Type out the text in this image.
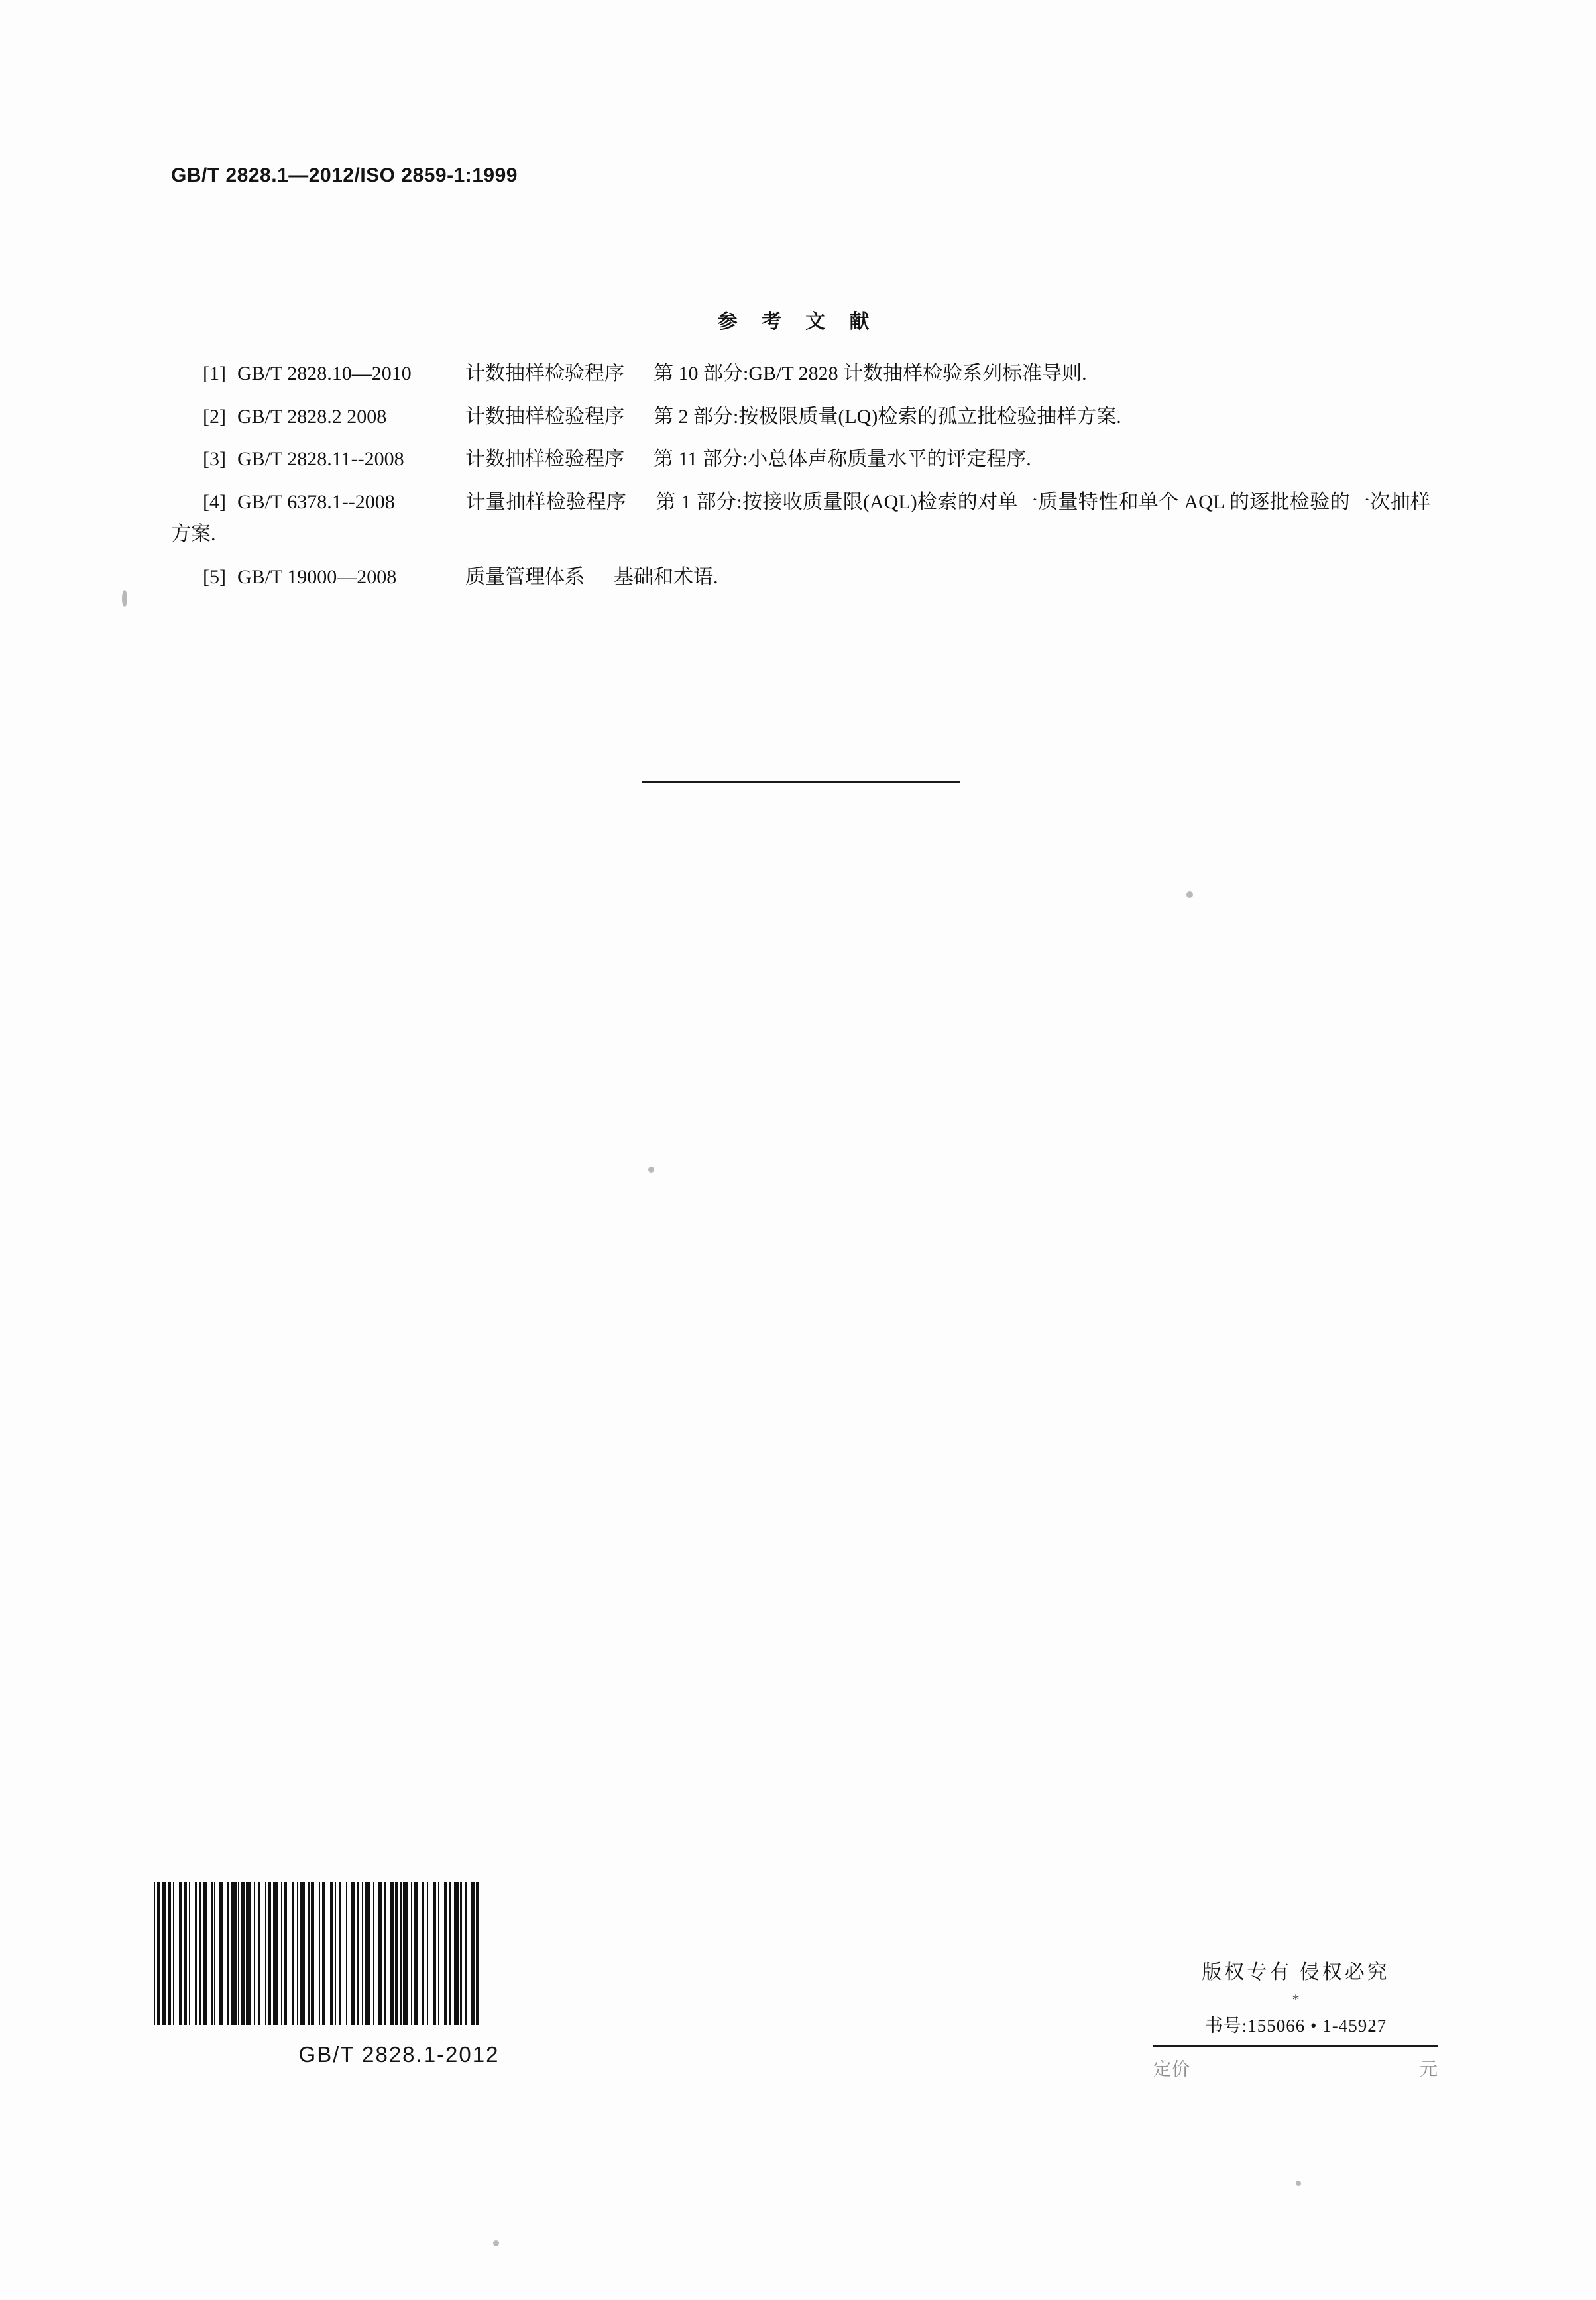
GB/T 2828.1—2012/ISO 2859-1:1999
参 考 文 献
[1] GB/T 2828.10—2010	计数抽样检验程序 第 10 部分:GB/T 2828 计数抽样检验系列标准导则.
[2] GB/T 2828.2 2008	计数抽样检验程序 第 2 部分:按极限质量(LQ)检索的孤立批检验抽样方案.
[3] GB/T 2828.11--2008	计数抽样检验程序 第 11 部分:小总体声称质量水平的评定程序.
[4] GB/T 6378.1--2008	计量抽样检验程序 第 1 部分:按接收质量限(AQL)检索的对单一质量特性和单个 AQL 的逐批检验的一次抽样方案.
[5] GB/T 19000—2008	质量管理体系 基础和术语.
GB/T 2828.1-2012
版权专有 侵权必究
*
书号:155066 • 1-45927
定价	元
